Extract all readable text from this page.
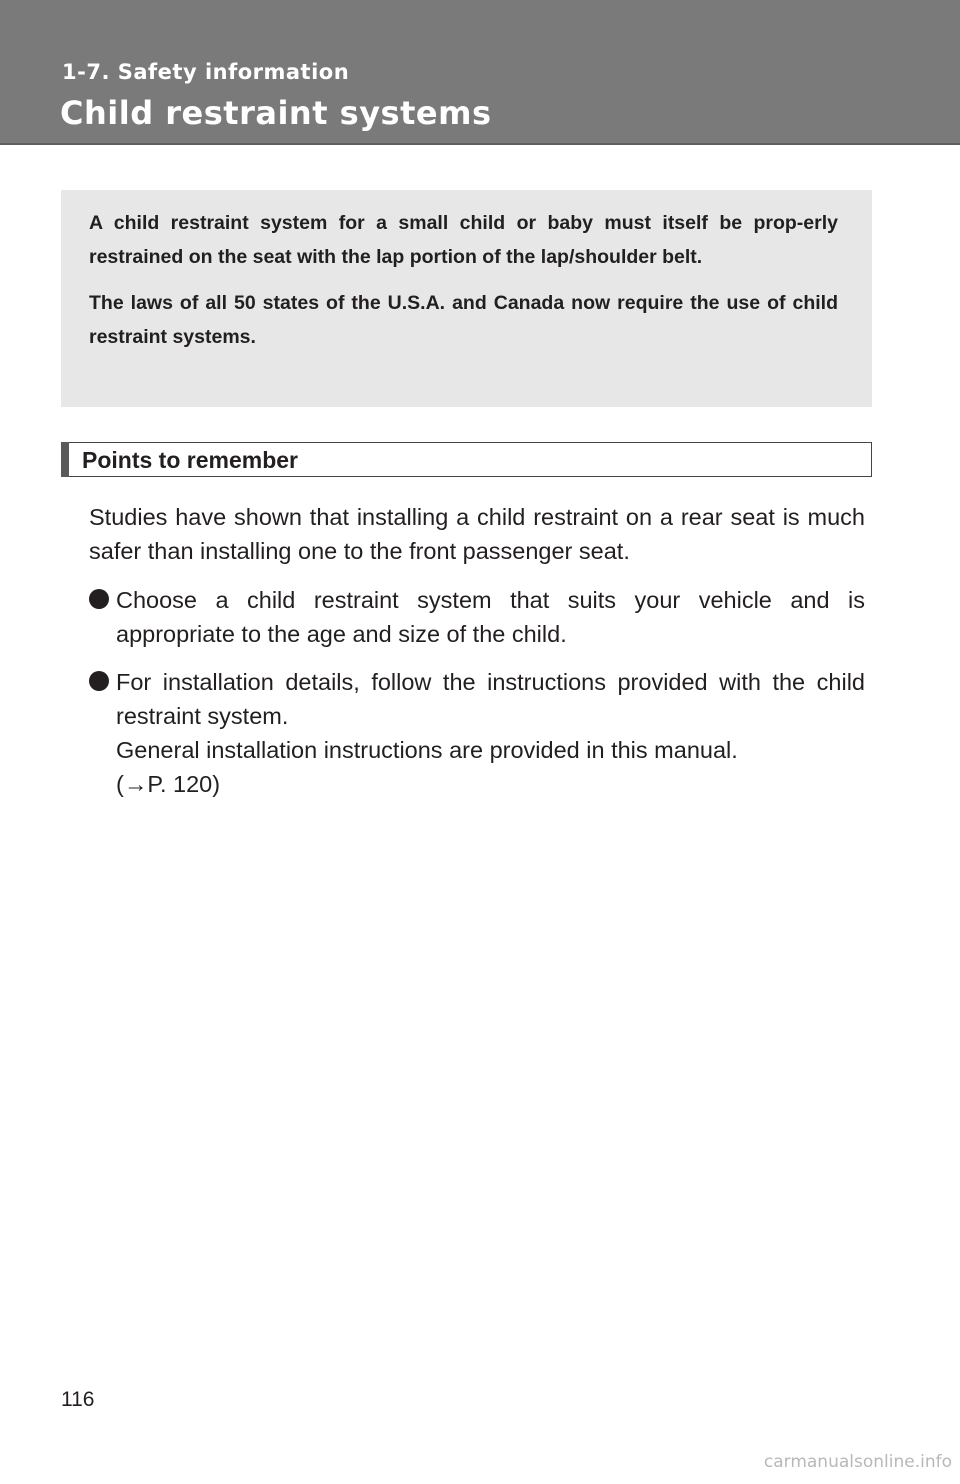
1-7. Safety information
Child restraint systems

A child restraint system for a small child or baby must itself be prop-erly restrained on the seat with the lap portion of the lap/shoulder belt.

The laws of all 50 states of the U.S.A. and Canada now require the use of child restraint systems.

Points to remember
Studies have shown that installing a child restraint on a rear seat is much safer than installing one to the front passenger seat.
Choose a child restraint system that suits your vehicle and is appropriate to the age and size of the child.
For installation details, follow the instructions provided with the child restraint system.
General installation instructions are provided in this manual.
(→P. 120)
116
carmanualsonline.info
